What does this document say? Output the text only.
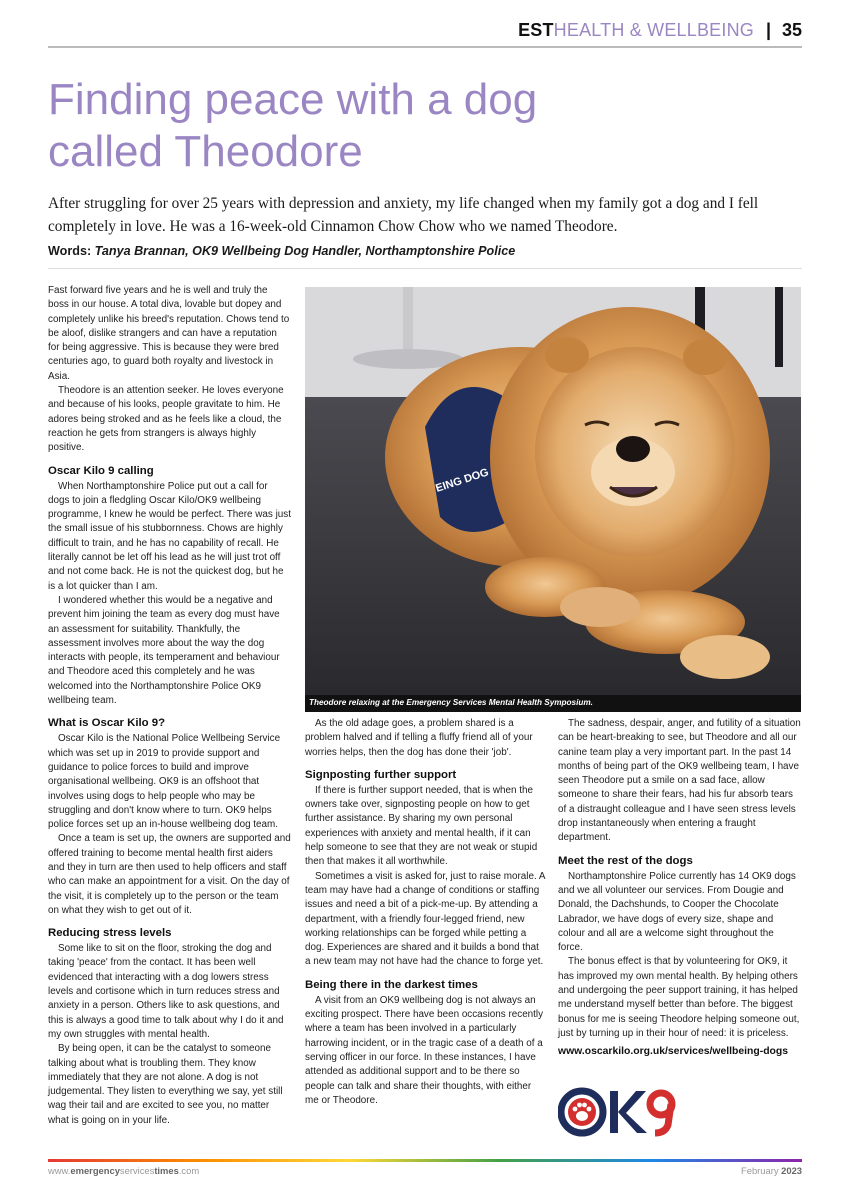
ESTHEALTH & WELLBEING | 35
Finding peace with a dog
called Theodore

After struggling for over 25 years with depression and anxiety, my life changed when my family got a dog and I fell completely in love. He was a 16-week-old Cinnamon Chow Chow who we named Theodore.

Words: Tanya Brannan, OK9 Wellbeing Dog Handler, Northamptonshire Police

Fast forward five years and he is well and truly the boss in our house. A total diva, lovable but dopey and completely unlike his breed's reputation. Chows tend to be aloof, dislike strangers and can have a reputation for being aggressive. This is because they were bred centuries ago, to guard both royalty and livestock in Asia.

Theodore is an attention seeker. He loves everyone and because of his looks, people gravitate to him. He adores being stroked and as he feels like a cloud, the reaction he gets from strangers is always highly positive.

Oscar Kilo 9 calling

When Northamptonshire Police put out a call for dogs to join a fledgling Oscar Kilo/OK9 wellbeing programme, I knew he would be perfect. There was just the small issue of his stubbornness. Chows are highly difficult to train, and he has no capability of recall. He literally cannot be let off his lead as he will just trot off and not come back. He is not the quickest dog, but he is a lot quicker than I am.

I wondered whether this would be a negative and prevent him joining the team as every dog must have an assessment for suitability. Thankfully, the assessment involves more about the way the dog interacts with people, its temperament and behaviour and Theodore aced this completely and he was welcomed into the Northamptonshire Police OK9 wellbeing team.

What is Oscar Kilo 9?

Oscar Kilo is the National Police Wellbeing Service which was set up in 2019 to provide support and guidance to police forces to build and improve organisational wellbeing. OK9 is an offshoot that involves using dogs to help people who may be struggling and don't know where to turn. OK9 helps police forces set up an in-house wellbeing dog team.

Once a team is set up, the owners are supported and offered training to become mental health first aiders and they in turn are then used to help officers and staff who can make an appointment for a visit. On the day of the visit, it is completely up to the person or the team on what they wish to get out of it.

Reducing stress levels

Some like to sit on the floor, stroking the dog and taking 'peace' from the contact. It has been well evidenced that interacting with a dog lowers stress levels and cortisone which in turn reduces stress and anxiety in a person. Others like to ask questions, and this is always a good time to talk about why I do it and my own struggles with mental health.

By being open, it can be the catalyst to someone talking about what is troubling them. They know immediately that they are not alone. A dog is not judgemental. They listen to everything we say, yet still wag their tail and are excited to see you, no matter what is going on in your life.

EING DOG
Theodore relaxing at the Emergency Services Mental Health Symposium.

As the old adage goes, a problem shared is a problem halved and if telling a fluffy friend all of your worries helps, then the dog has done their 'job'.

Signposting further support

If there is further support needed, that is when the owners take over, signposting people on how to get further assistance. By sharing my own personal experiences with anxiety and mental health, if it can help someone to see that they are not weak or stupid then that makes it all worthwhile.

Sometimes a visit is asked for, just to raise morale. A team may have had a change of conditions or staffing issues and need a bit of a pick-me-up. By attending a department, with a friendly four-legged friend, new working relationships can be forged while petting a dog. Experiences are shared and it builds a bond that a new team may not have had the chance to forge yet.

Being there in the darkest times

A visit from an OK9 wellbeing dog is not always an exciting prospect. There have been occasions recently where a team has been involved in a particularly harrowing incident, or in the tragic case of a death of a serving officer in our force. In these instances, I have attended as additional support and to be there so people can talk and share their thoughts, with either me or Theodore.

The sadness, despair, anger, and futility of a situation can be heart-breaking to see, but Theodore and all our canine team play a very important part. In the past 14 months of being part of the OK9 wellbeing team, I have seen Theodore put a smile on a sad face, allow someone to share their fears, had his fur absorb tears of a distraught colleague and I have seen stress levels drop instantaneously when entering a fraught department.

Meet the rest of the dogs

Northamptonshire Police currently has 14 OK9 dogs and we all volunteer our services. From Dougie and Donald, the Dachshunds, to Cooper the Chocolate Labrador, we have dogs of every size, shape and colour and all are a welcome sight throughout the force.

The bonus effect is that by volunteering for OK9, it has improved my own mental health. By helping others and undergoing the peer support training, it has helped me understand myself better than before. The biggest bonus for me is seeing Theodore helping someone out, just by turning up in their hour of need: it is priceless.

www.oscarkilo.org.uk/services/wellbeing-dogs
www.emergencyservicestimes.com	February 2023
